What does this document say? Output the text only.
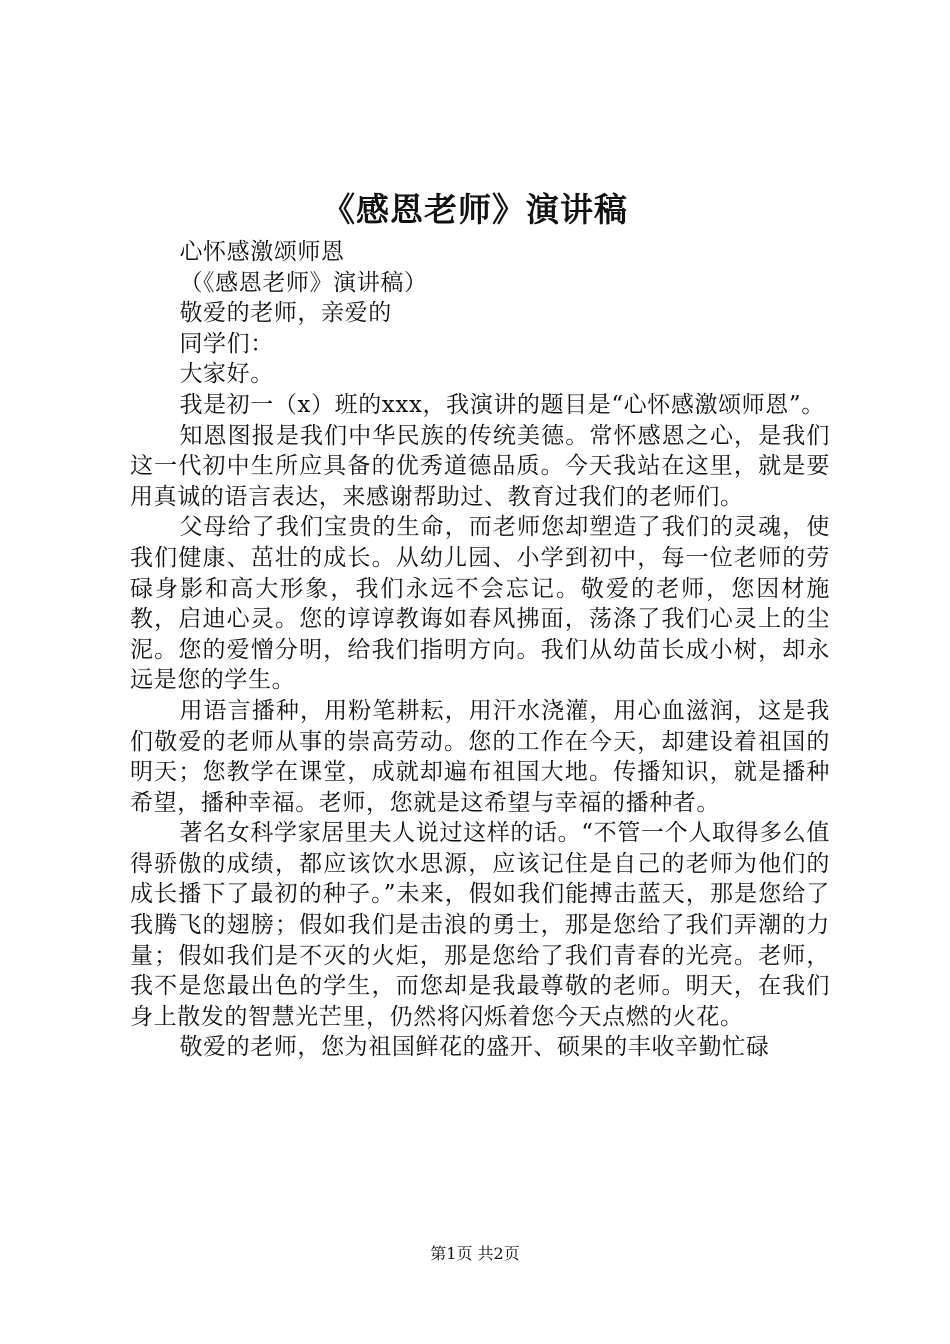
《感恩老师》演讲稿

心怀感激颂师恩

（《感恩老师》演讲稿）

敬爱的老师，亲爱的

同学们：

大家好。

我是初一（x）班的xxx，我演讲的题目是“心怀感激颂师恩”。

知恩图报是我们中华民族的传统美德。常怀感恩之心，是我们这一代初中生所应具备的优秀道德品质。今天我站在这里，就是要用真诚的语言表达，来感谢帮助过、教育过我们的老师们。

父母给了我们宝贵的生命，而老师您却塑造了我们的灵魂，使我们健康、茁壮的成长。从幼儿园、小学到初中，每一位老师的劳碌身影和高大形象，我们永远不会忘记。敬爱的老师，您因材施教，启迪心灵。您的谆谆教诲如春风拂面，荡涤了我们心灵上的尘泥。您的爱憎分明，给我们指明方向。我们从幼苗长成小树，却永远是您的学生。

用语言播种，用粉笔耕耘，用汗水浇灌，用心血滋润，这是我们敬爱的老师从事的崇高劳动。您的工作在今天，却建设着祖国的明天；您教学在课堂，成就却遍布祖国大地。传播知识，就是播种希望，播种幸福。老师，您就是这希望与幸福的播种者。

著名女科学家居里夫人说过这样的话。“不管一个人取得多么值得骄傲的成绩，都应该饮水思源，应该记住是自己的老师为他们的成长播下了最初的种子。”未来，假如我们能搏击蓝天，那是您给了我腾飞的翅膀；假如我们是击浪的勇士，那是您给了我们弄潮的力量；假如我们是不灭的火炬，那是您给了我们青春的光亮。老师，我不是您最出色的学生，而您却是我最尊敬的老师。明天，在我们身上散发的智慧光芒里，仍然将闪烁着您今天点燃的火花。

敬爱的老师，您为祖国鲜花的盛开、硕果的丰收辛勤忙碌

第1页 共2页
